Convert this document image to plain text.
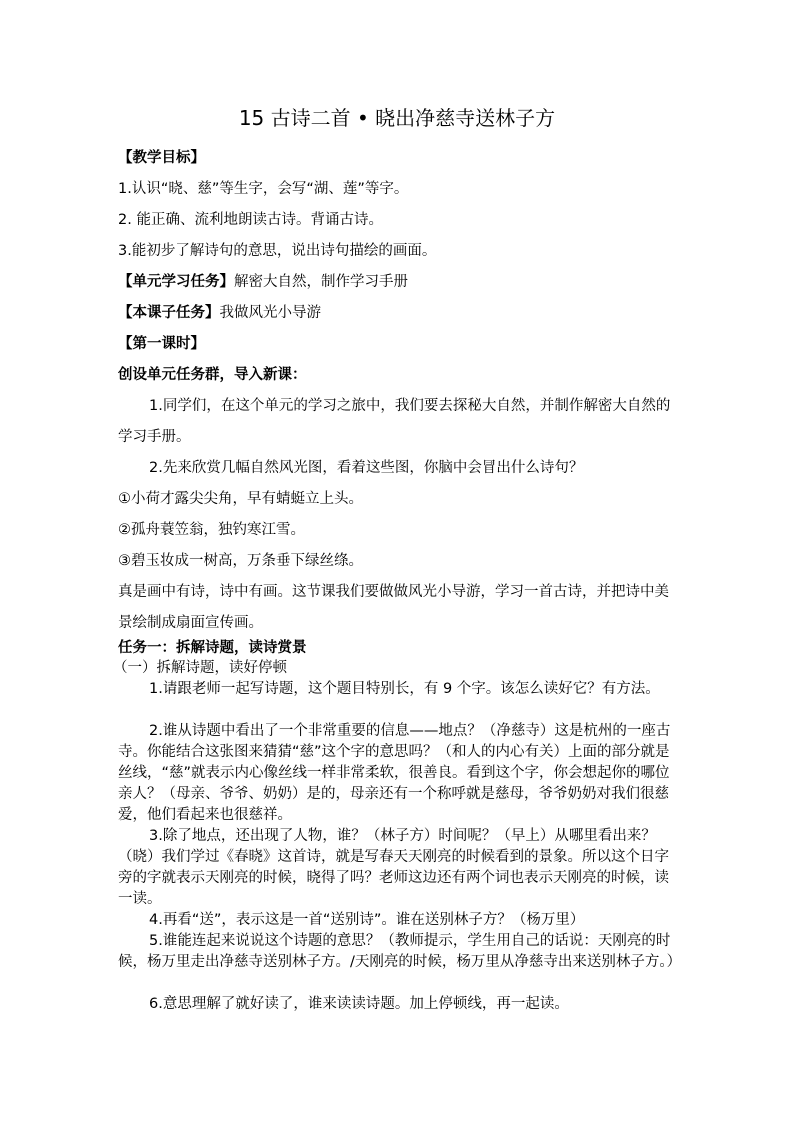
15 古诗二首 • 晓出净慈寺送林子方
【教学目标】
1.认识“晓、慈”等生字，会写“湖、莲”等字。
2. 能正确、流利地朗读古诗。背诵古诗。
3.能初步了解诗句的意思，说出诗句描绘的画面。
【单元学习任务】解密大自然，制作学习手册
【本课子任务】我做风光小导游
【第一课时】
创设单元任务群，导入新课：
1.同学们，在这个单元的学习之旅中，我们要去探秘大自然，并制作解密大自然的学习手册。
2.先来欣赏几幅自然风光图，看着这些图，你脑中会冒出什么诗句？
①小荷才露尖尖角，早有蜻蜓立上头。
②孤舟蓑笠翁，独钓寒江雪。
③碧玉妆成一树高，万条垂下绿丝绦。
真是画中有诗，诗中有画。这节课我们要做做风光小导游，学习一首古诗，并把诗中美景绘制成扇面宣传画。
任务一：拆解诗题，读诗赏景
（一）拆解诗题，读好停顿
1.请跟老师一起写诗题，这个题目特别长，有 9 个字。该怎么读好它？有方法。
2.谁从诗题中看出了一个非常重要的信息——地点？（净慈寺）这是杭州的一座古寺。你能结合这张图来猜猜“慈”这个字的意思吗？（和人的内心有关）上面的部分就是丝线，“慈”就表示内心像丝线一样非常柔软，很善良。看到这个字，你会想起你的哪位亲人？（母亲、爷爷、奶奶）是的，母亲还有一个称呼就是慈母，爷爷奶奶对我们很慈爱，他们看起来也很慈祥。
3.除了地点，还出现了人物，谁？（林子方）时间呢？（早上）从哪里看出来？（晓）我们学过《春晓》这首诗，就是写春天天刚亮的时候看到的景象。所以这个日字旁的字就表示天刚亮的时候，晓得了吗？老师这边还有两个词也表示天刚亮的时候，读一读。
4.再看“送”，表示这是一首“送别诗”。谁在送别林子方？（杨万里）
5.谁能连起来说说这个诗题的意思？（教师提示，学生用自己的话说：天刚亮的时候，杨万里走出净慈寺送别林子方。/天刚亮的时候，杨万里从净慈寺出来送别林子方。）
6.意思理解了就好读了，谁来读读诗题。加上停顿线，再一起读。
